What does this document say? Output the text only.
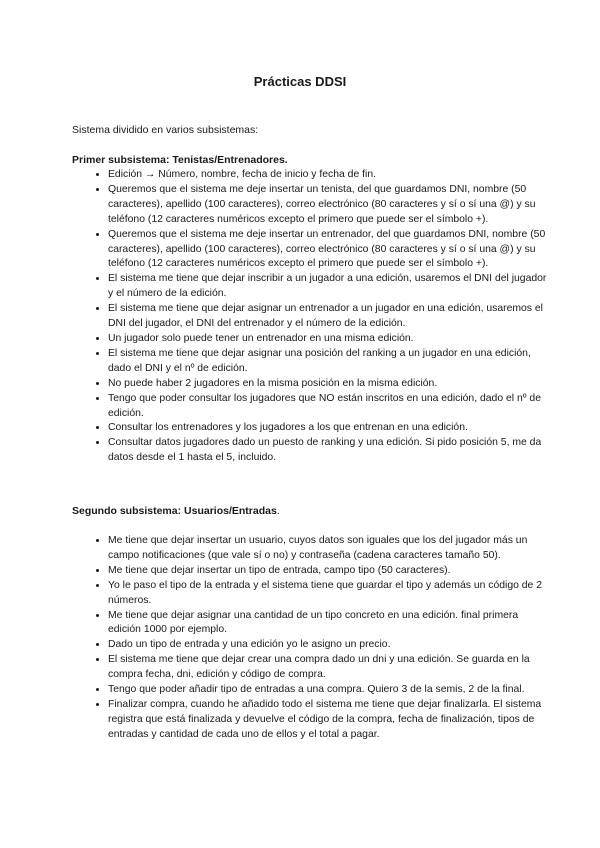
Prácticas DDSI
Sistema dividido en varios subsistemas:
Primer subsistema: Tenistas/Entrenadores.
• Edición → Número, nombre, fecha de inicio y fecha de fin.
• Queremos que el sistema me deje insertar un tenista, del que guardamos DNI, nombre (50 caracteres), apellido (100 caracteres), correo electrónico (80 caracteres y sí o sí una @) y su teléfono (12 caracteres numéricos excepto el primero que puede ser el símbolo +).
• Queremos que el sistema me deje insertar un entrenador, del que guardamos DNI, nombre (50 caracteres), apellido (100 caracteres), correo electrónico (80 caracteres y sí o sí una @) y su teléfono (12 caracteres numéricos excepto el primero que puede ser el símbolo +).
• El sistema me tiene que dejar inscribir a un jugador a una edición, usaremos el DNI del jugador y el número de la edición.
• El sistema me tiene que dejar asignar un entrenador a un jugador en una edición, usaremos el DNI del jugador, el DNI del entrenador y el número de la edición.
• Un jugador solo puede tener un entrenador en una misma edición.
• El sistema me tiene que dejar asignar una posición del ranking a un jugador en una edición, dado el DNI y el nº de edición.
• No puede haber 2 jugadores en la misma posición en la misma edición.
• Tengo que poder consultar los jugadores que NO están inscritos en una edición, dado el nº de edición.
• Consultar los entrenadores y los jugadores a los que entrenan en una edición.
• Consultar datos jugadores dado un puesto de ranking y una edición. Si pido posición 5, me da datos desde el 1 hasta el 5, incluido.
Segundo subsistema: Usuarios/Entradas.
• Me tiene que dejar insertar un usuario, cuyos datos son iguales que los del jugador más un campo notificaciones (que vale sí o no) y contraseña (cadena caracteres tamaño 50).
• Me tiene que dejar insertar un tipo de entrada, campo tipo (50 caracteres).
• Yo le paso el tipo de la entrada y el sistema tiene que guardar el tipo y además un código de 2 números.
• Me tiene que dejar asignar una cantidad de un tipo concreto en una edición. final primera edición 1000 por ejemplo.
• Dado un tipo de entrada y una edición yo le asigno un precio.
• El sistema me tiene que dejar crear una compra dado un dni y una edición. Se guarda en la compra fecha, dni, edición y código de compra.
• Tengo que poder añadir tipo de entradas a una compra. Quiero 3 de la semis, 2 de la final.
• Finalizar compra, cuando he añadido todo el sistema me tiene que dejar finalizarla. El sistema registra que está finalizada y devuelve el código de la compra, fecha de finalización, tipos de entradas y cantidad de cada uno de ellos y el total a pagar.
